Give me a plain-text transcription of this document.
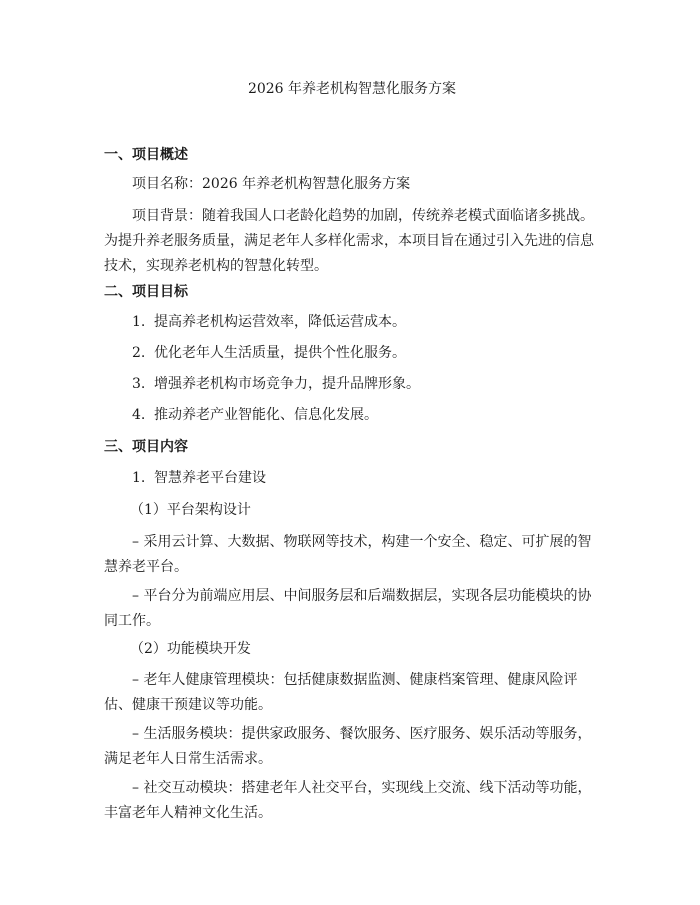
2026 年养老机构智慧化服务方案
一、项目概述

项目名称：2026 年养老机构智慧化服务方案

项目背景：随着我国人口老龄化趋势的加剧，传统养老模式面临诸多挑战。为提升养老服务质量，满足老年人多样化需求，本项目旨在通过引入先进的信息技术，实现养老机构的智慧化转型。

二、项目目标
1. 提高养老机构运营效率，降低运营成本。
2. 优化老年人生活质量，提供个性化服务。
3. 增强养老机构市场竞争力，提升品牌形象。
4. 推动养老产业智能化、信息化发展。
三、项目内容
1. 智慧养老平台建设
（1）平台架构设计

– 采用云计算、大数据、物联网等技术，构建一个安全、稳定、可扩展的智慧养老平台。

– 平台分为前端应用层、中间服务层和后端数据层，实现各层功能模块的协同工作。

（2）功能模块开发

– 老年人健康管理模块：包括健康数据监测、健康档案管理、健康风险评估、健康干预建议等功能。

– 生活服务模块：提供家政服务、餐饮服务、医疗服务、娱乐活动等服务，满足老年人日常生活需求。

– 社交互动模块：搭建老年人社交平台，实现线上交流、线下活动等功能，丰富老年人精神文化生活。
